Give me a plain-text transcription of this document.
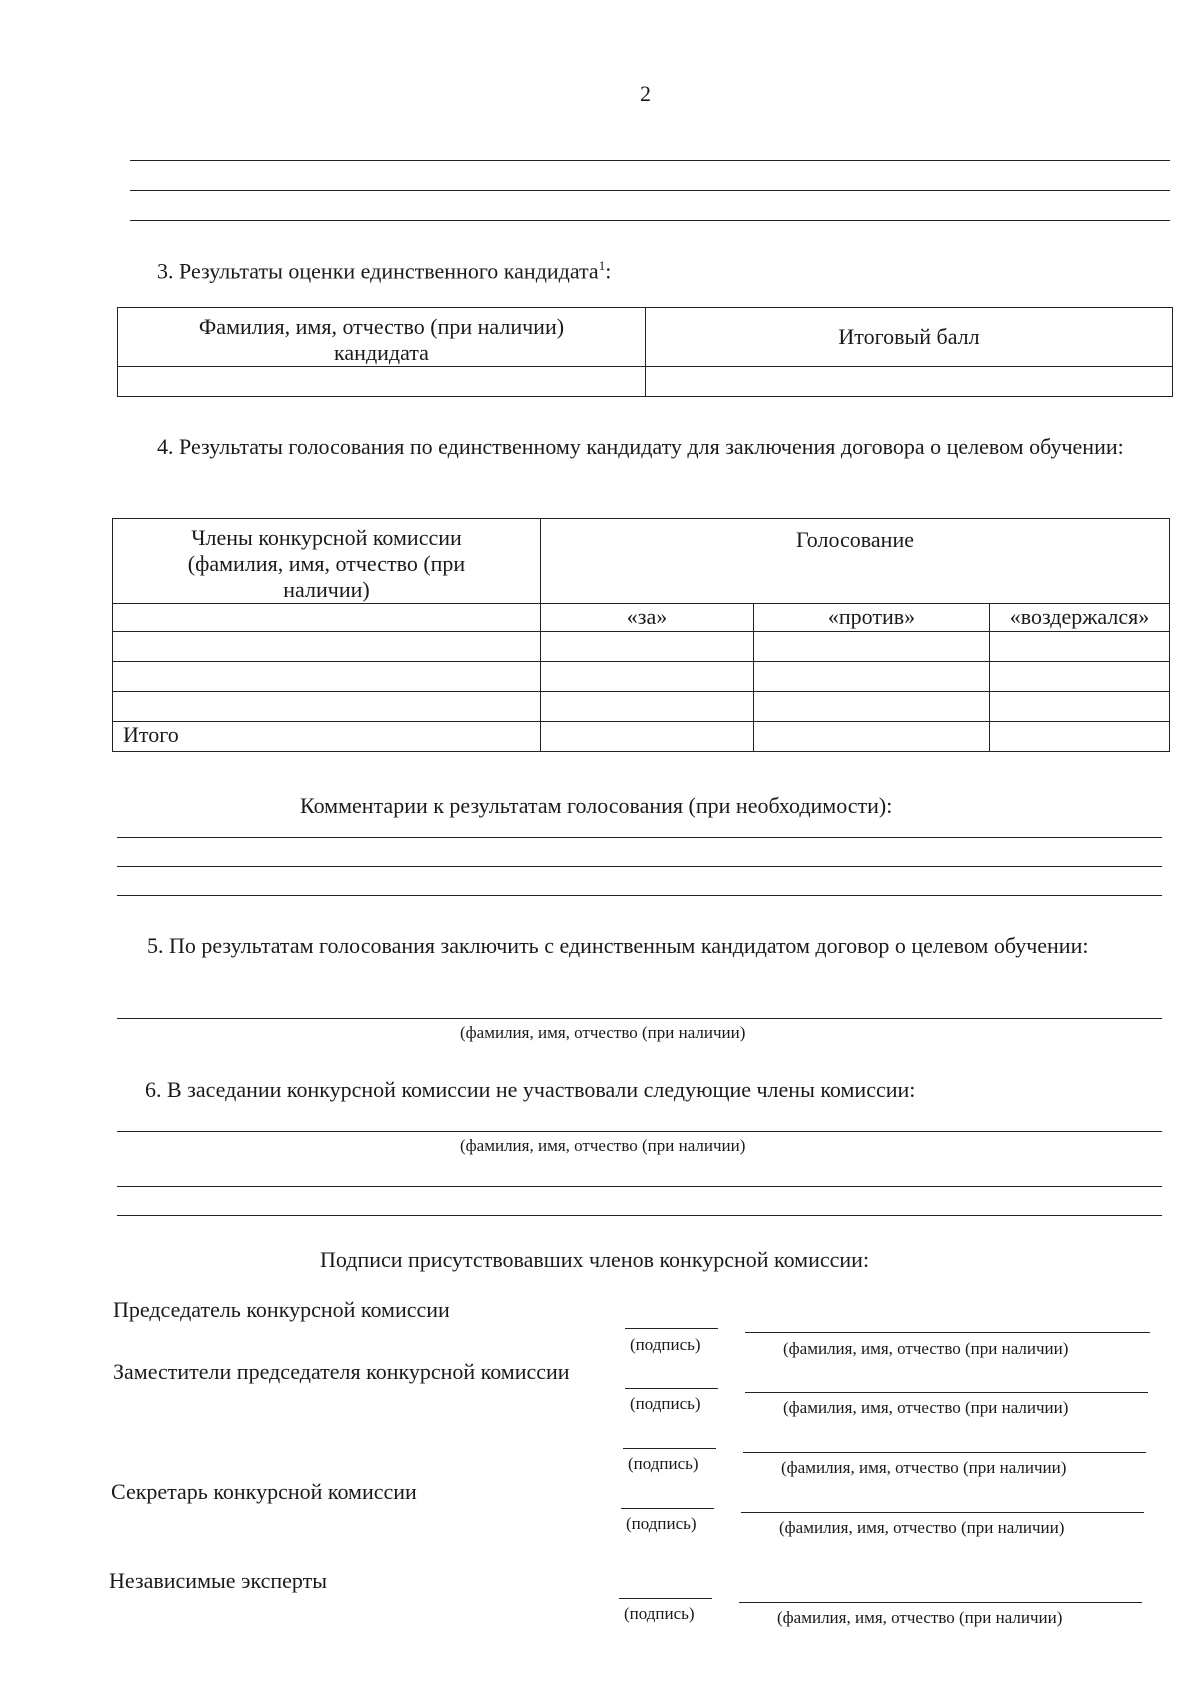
2
3. Результаты оценки единственного кандидата$^1$:
Фамилия, имя, отчество (при наличии) кандидата	Итоговый балл

4. Результаты голосования по единственному кандидату для заключения договора о целевом обучении:
Члены конкурсной комиссии (фамилия, имя, отчество (при наличии)	Голосование		
	«за»	«против»	«воздержался»

Итого			
Комментарии к результатам голосования (при необходимости):
5. По результатам голосования заключить с единственным кандидатом договор о целевом обучении:
(фамилия, имя, отчество (при наличии)
6. В заседании конкурсной комиссии не участвовали следующие члены комиссии:
(фамилия, имя, отчество (при наличии)
Подписи присутствовавших членов конкурсной комиссии:
Председатель конкурсной комиссии
(подпись)	(фамилия, имя, отчество (при наличии)
Заместители председателя конкурсной комиссии
(подпись)	(фамилия, имя, отчество (при наличии)
(подпись)	(фамилия, имя, отчество (при наличии)
Секретарь конкурсной комиссии
(подпись)	(фамилия, имя, отчество (при наличии)
Независимые эксперты
(подпись)	(фамилия, имя, отчество (при наличии)
